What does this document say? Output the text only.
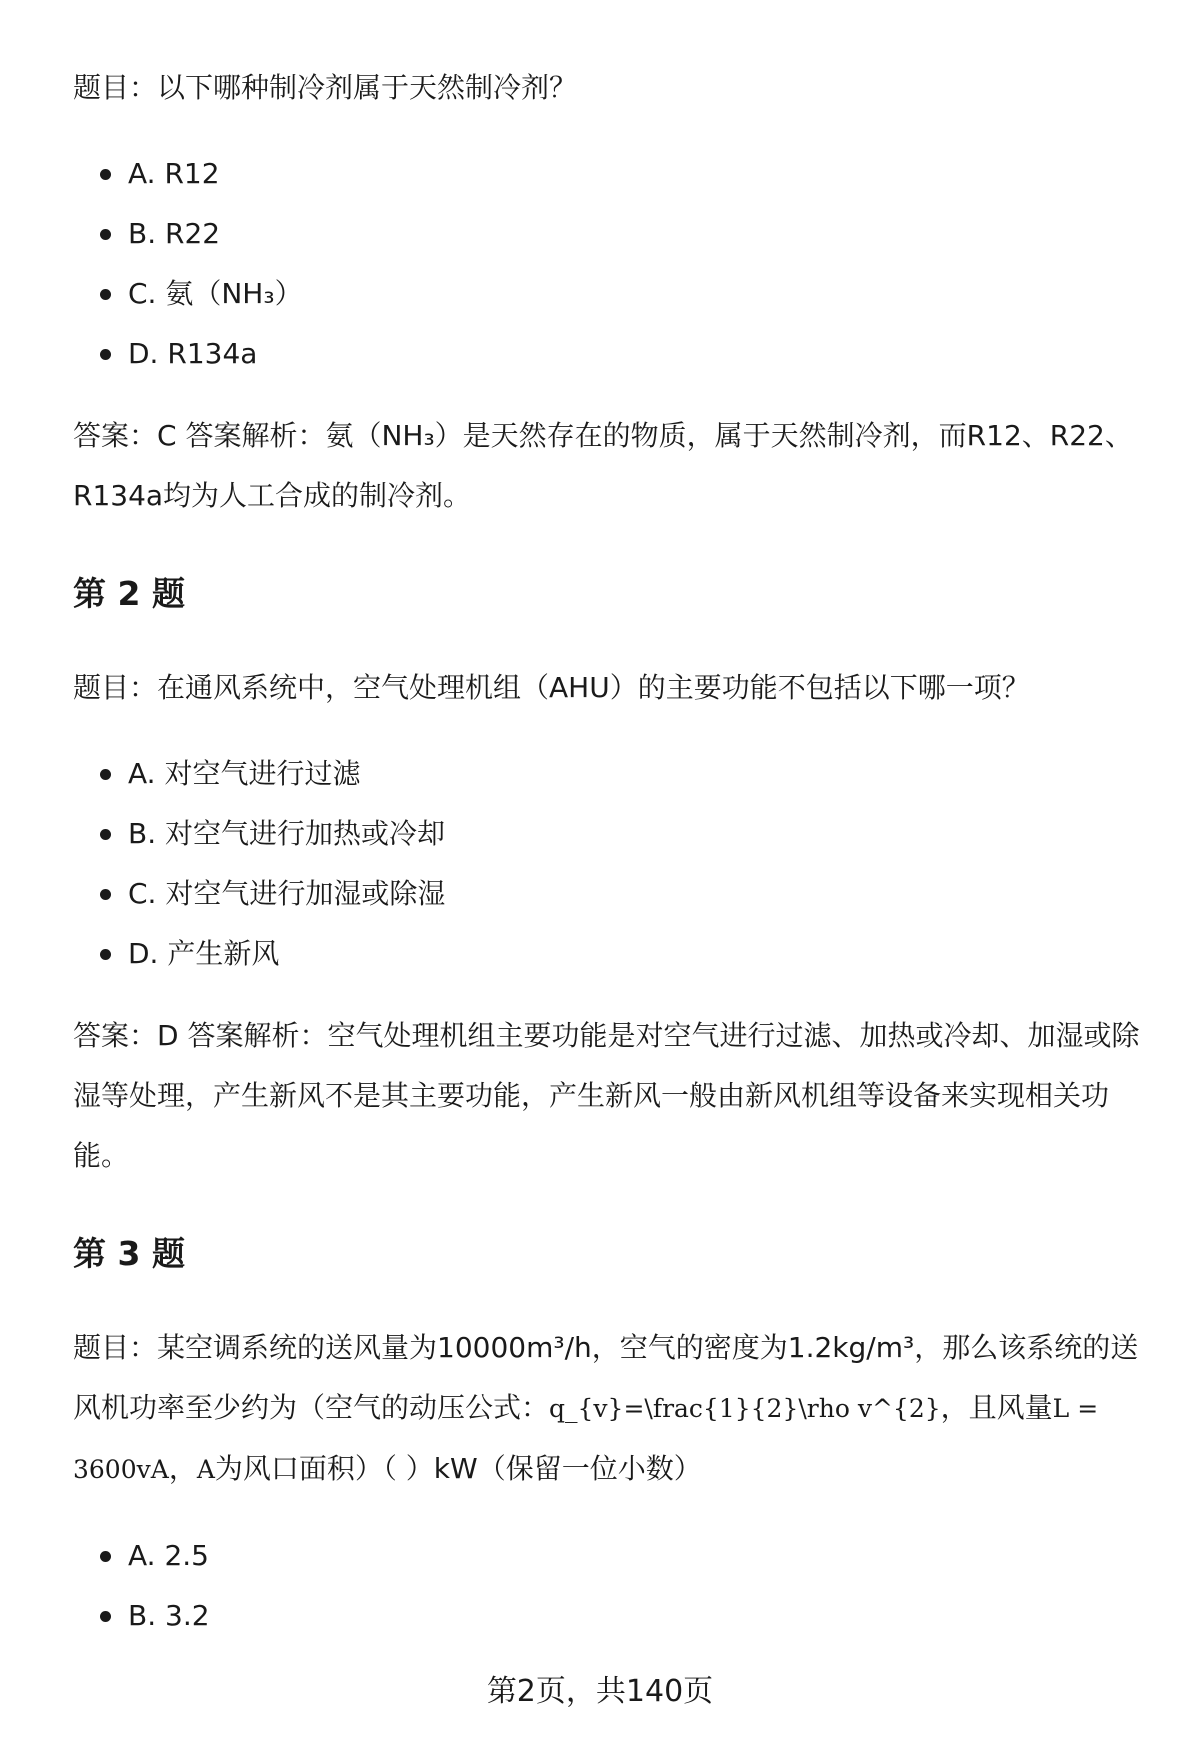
题目：以下哪种制冷剂属于天然制冷剂？

A. R12
B. R22
C. 氨（NH₃）
D. R134a

答案：C 答案解析：氨（NH₃）是天然存在的物质，属于天然制冷剂，而R12、R22、R134a均为人工合成的制冷剂。

第 2 题

题目：在通风系统中，空气处理机组（AHU）的主要功能不包括以下哪一项？

A. 对空气进行过滤
B. 对空气进行加热或冷却
C. 对空气进行加湿或除湿
D. 产生新风

答案：D 答案解析：空气处理机组主要功能是对空气进行过滤、加热或冷却、加湿或除湿等处理，产生新风不是其主要功能，产生新风一般由新风机组等设备来实现相关功能。

第 3 题

题目：某空调系统的送风量为10000m³/h，空气的密度为1.2kg/m³，那么该系统的送风机功率至少约为（空气的动压公式：q_{v}=\frac{1}{2}\rho v^{2}，且风量L = 3600vA，A为风口面积）（ ）kW（保留一位小数）

A. 2.5
B. 3.2
第2页，共140页
